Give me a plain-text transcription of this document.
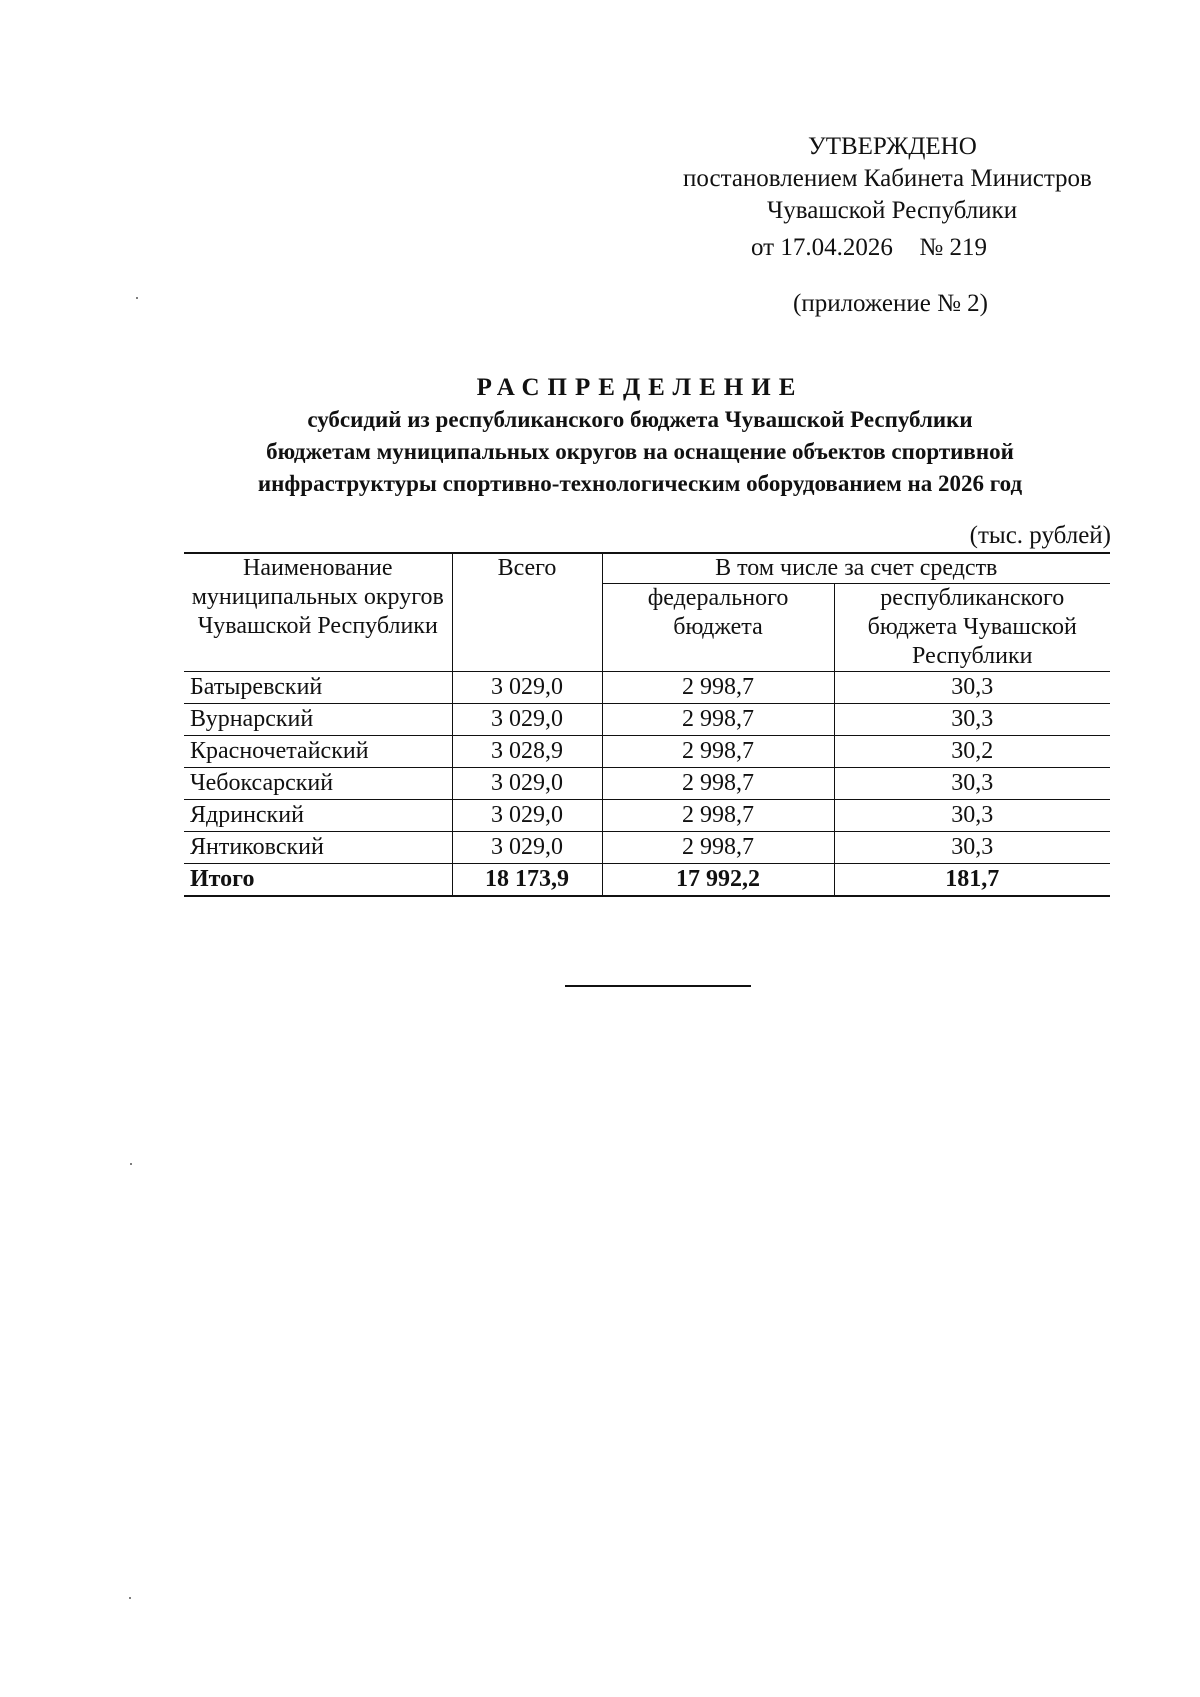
УТВЕРЖДЕНО
постановлением Кабинета Министров
Чувашской Республики
от 17.04.2026 № 219
(приложение № 2)
РАСПРЕДЕЛЕНИЕ
субсидий из республиканского бюджета Чувашской Республики
бюджетам муниципальных округов на оснащение объектов спортивной
инфраструктуры спортивно-технологическим оборудованием на 2026 год
(тыс. рублей)
Наименование муниципальных округов Чувашской Республики	Всего	В том числе за счет средств	
		федерального бюджета	республиканского бюджета Чувашской Республики
Батыревский	3 029,0	2 998,7	30,3
Вурнарский	3 029,0	2 998,7	30,3
Красночетайский	3 028,9	2 998,7	30,2
Чебоксарский	3 029,0	2 998,7	30,3
Ядринский	3 029,0	2 998,7	30,3
Янтиковский	3 029,0	2 998,7	30,3
Итого	18 173,9	17 992,2	181,7
